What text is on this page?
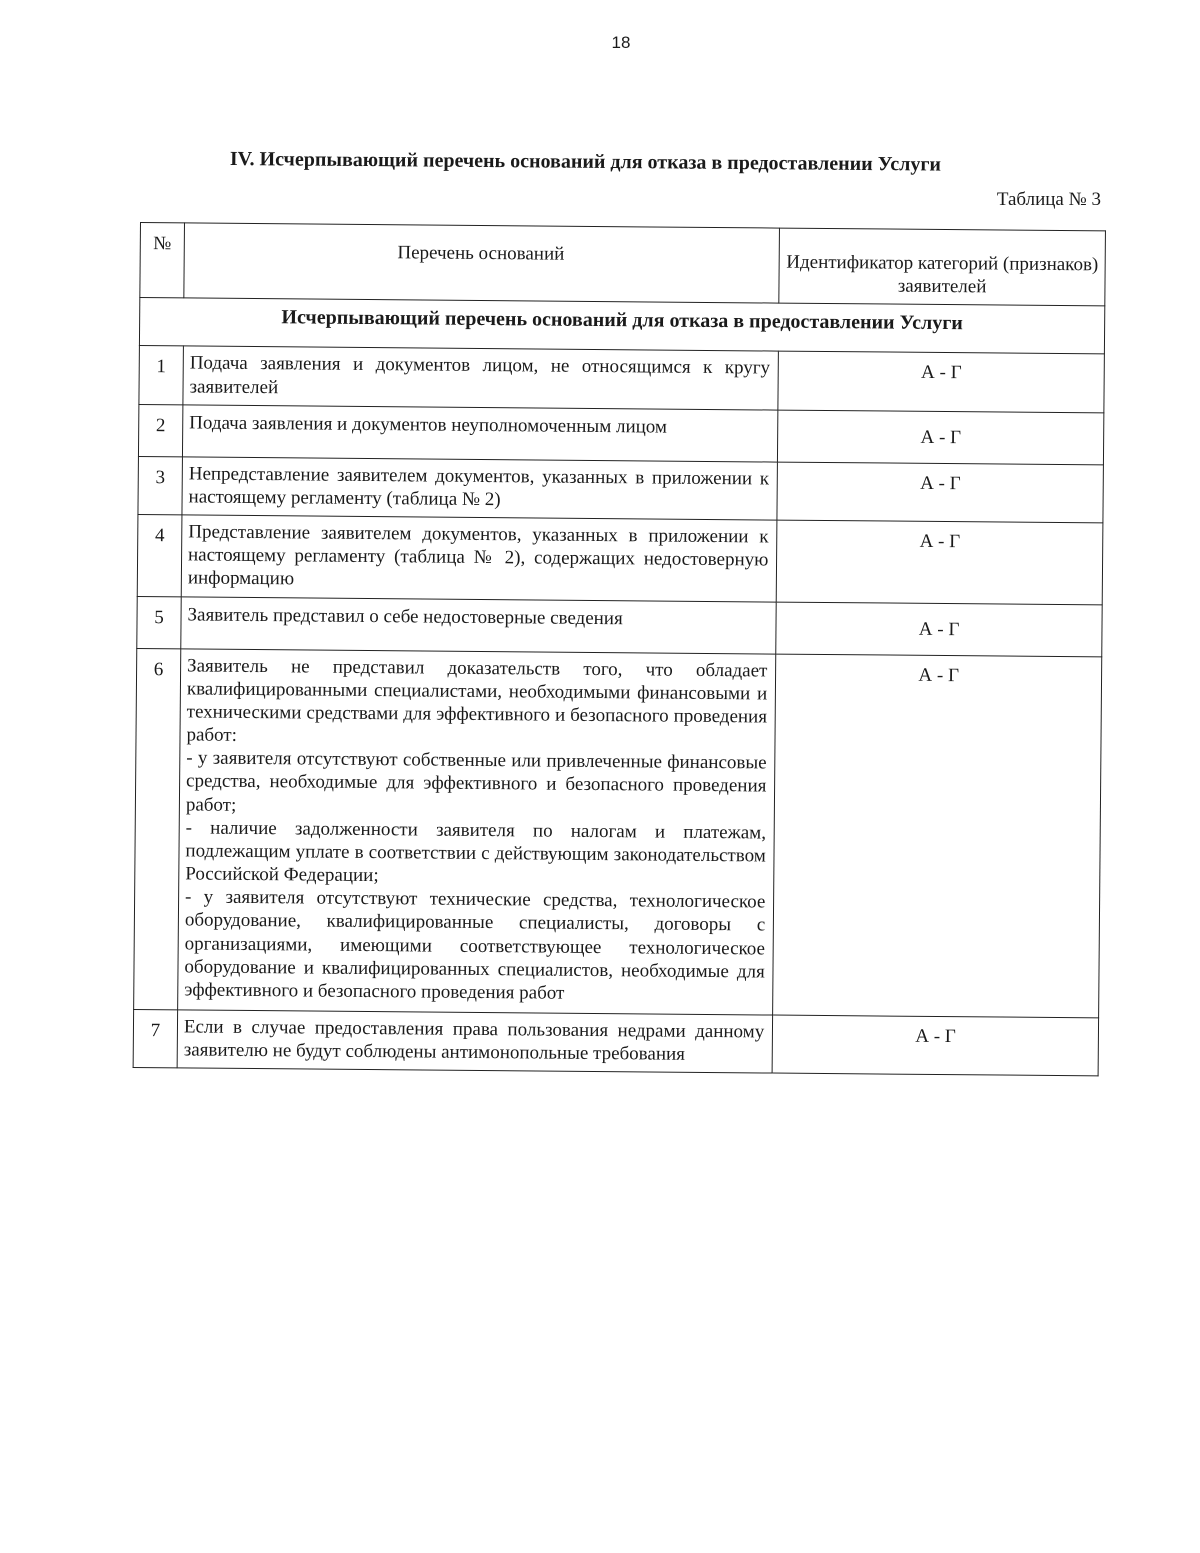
18
IV. Исчерпывающий перечень оснований для отказа в предоставлении Услуги
Таблица № 3
№	Перечень оснований	Идентификатор категорий (признаков) заявителей
Исчерпывающий перечень оснований для отказа в предоставлении Услуги		
1	Подача заявления и документов лицом, не относящимся к кругу заявителей	А - Г
2	Подача заявления и документов неуполномоченным лицом	А - Г
3	Непредставление заявителем документов, указанных в приложении к настоящему регламенту (таблица № 2)	А - Г
4	Представление заявителем документов, указанных в приложении к настоящему регламенту (таблица № 2), содержащих недостоверную информацию	А - Г
5	Заявитель представил о себе недостоверные сведения	А - Г
6	Заявитель не представил доказательств того, что обладает квалифицированными специалистами, необходимыми финансовыми и техническими средствами для эффективного и безопасного проведения работ:
- у заявителя отсутствуют собственные или привлеченные финансовые средства, необходимые для эффективного и безопасного проведения работ;
- наличие задолженности заявителя по налогам и платежам, подлежащим уплате в соответствии с действующим законодательством Российской Федерации;
- у заявителя отсутствуют технические средства, технологическое оборудование, квалифицированные специалисты, договоры с организациями, имеющими соответствующее технологическое оборудование и квалифицированных специалистов, необходимые для эффективного и безопасного проведения работ	А - Г
7	Если в случае предоставления права пользования недрами данному заявителю не будут соблюдены антимонопольные требования	А - Г
